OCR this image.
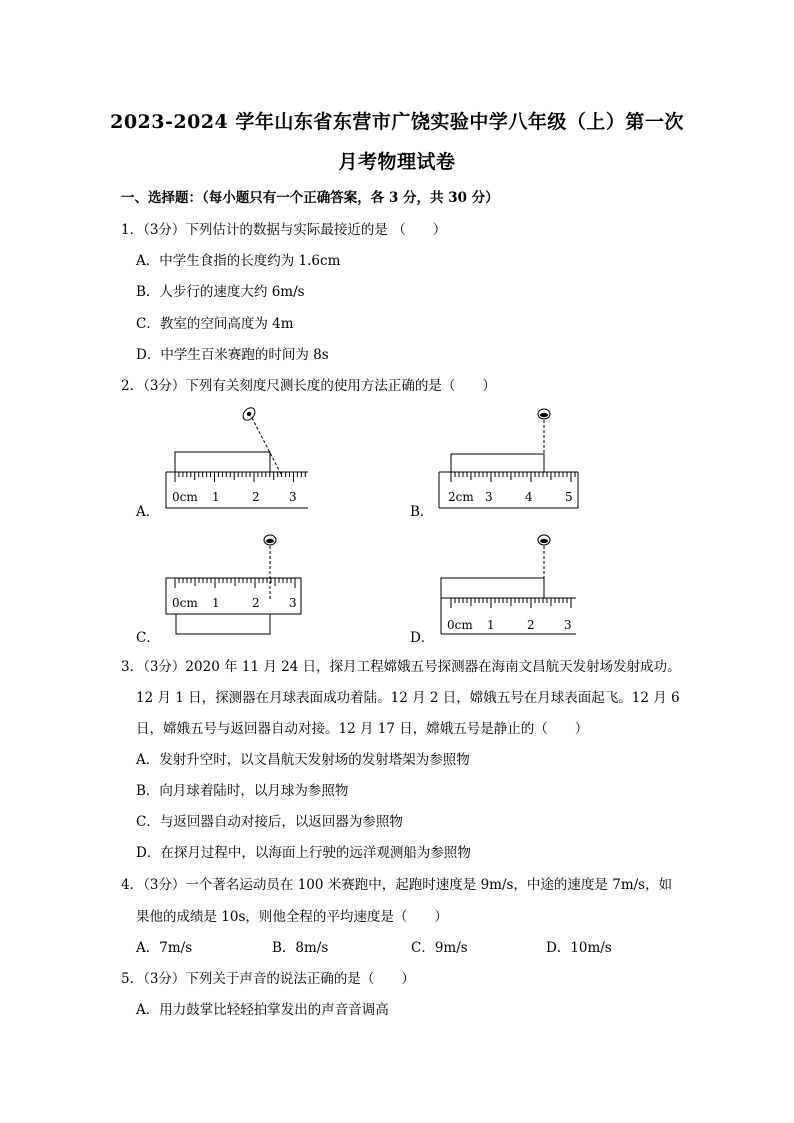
2023-2024 学年山东省东营市广饶实验中学八年级（上）第一次
月考物理试卷
一、选择题：（每小题只有一个正确答案，各 3 分，共 30 分）
1．（3分）下列估计的数据与实际最接近的是 （　　）
A．中学生食指的长度约为 1.6cm
B．人步行的速度大约 6m/s
C．教室的空间高度为 4m
D．中学生百米赛跑的时间为 8s
2．（3分）下列有关刻度尺测长度的使用方法正确的是（　　）
A．	B．
C．	D．
0cm 1	2 3	2cm 3	4	5
0cm 1	2 3
0cm 1	2 3
3．（3分）2020 年 11 月 24 日，探月工程嫦娥五号探测器在海南文昌航天发射场发射成功。
12 月 1 日，探测器在月球表面成功着陆。12 月 2 日，嫦娥五号在月球表面起飞。12 月 6
日，嫦娥五号与返回器自动对接。12 月 17 日，嫦娥五号是静止的（　　）
A．发射升空时，以文昌航天发射场的发射塔架为参照物
B．向月球着陆时，以月球为参照物
C．与返回器自动对接后，以返回器为参照物
D．在探月过程中，以海面上行驶的远洋观测船为参照物
4．（3分）一个著名运动员在 100 米赛跑中，起跑时速度是 9m/s，中途的速度是 7m/s，如
果他的成绩是 10s，则他全程的平均速度是（　　）
A．7m/s	B．8m/s	C．9m/s	D．10m/s
5．（3分）下列关于声音的说法正确的是（　　）
A．用力鼓掌比轻轻拍掌发出的声音音调高
